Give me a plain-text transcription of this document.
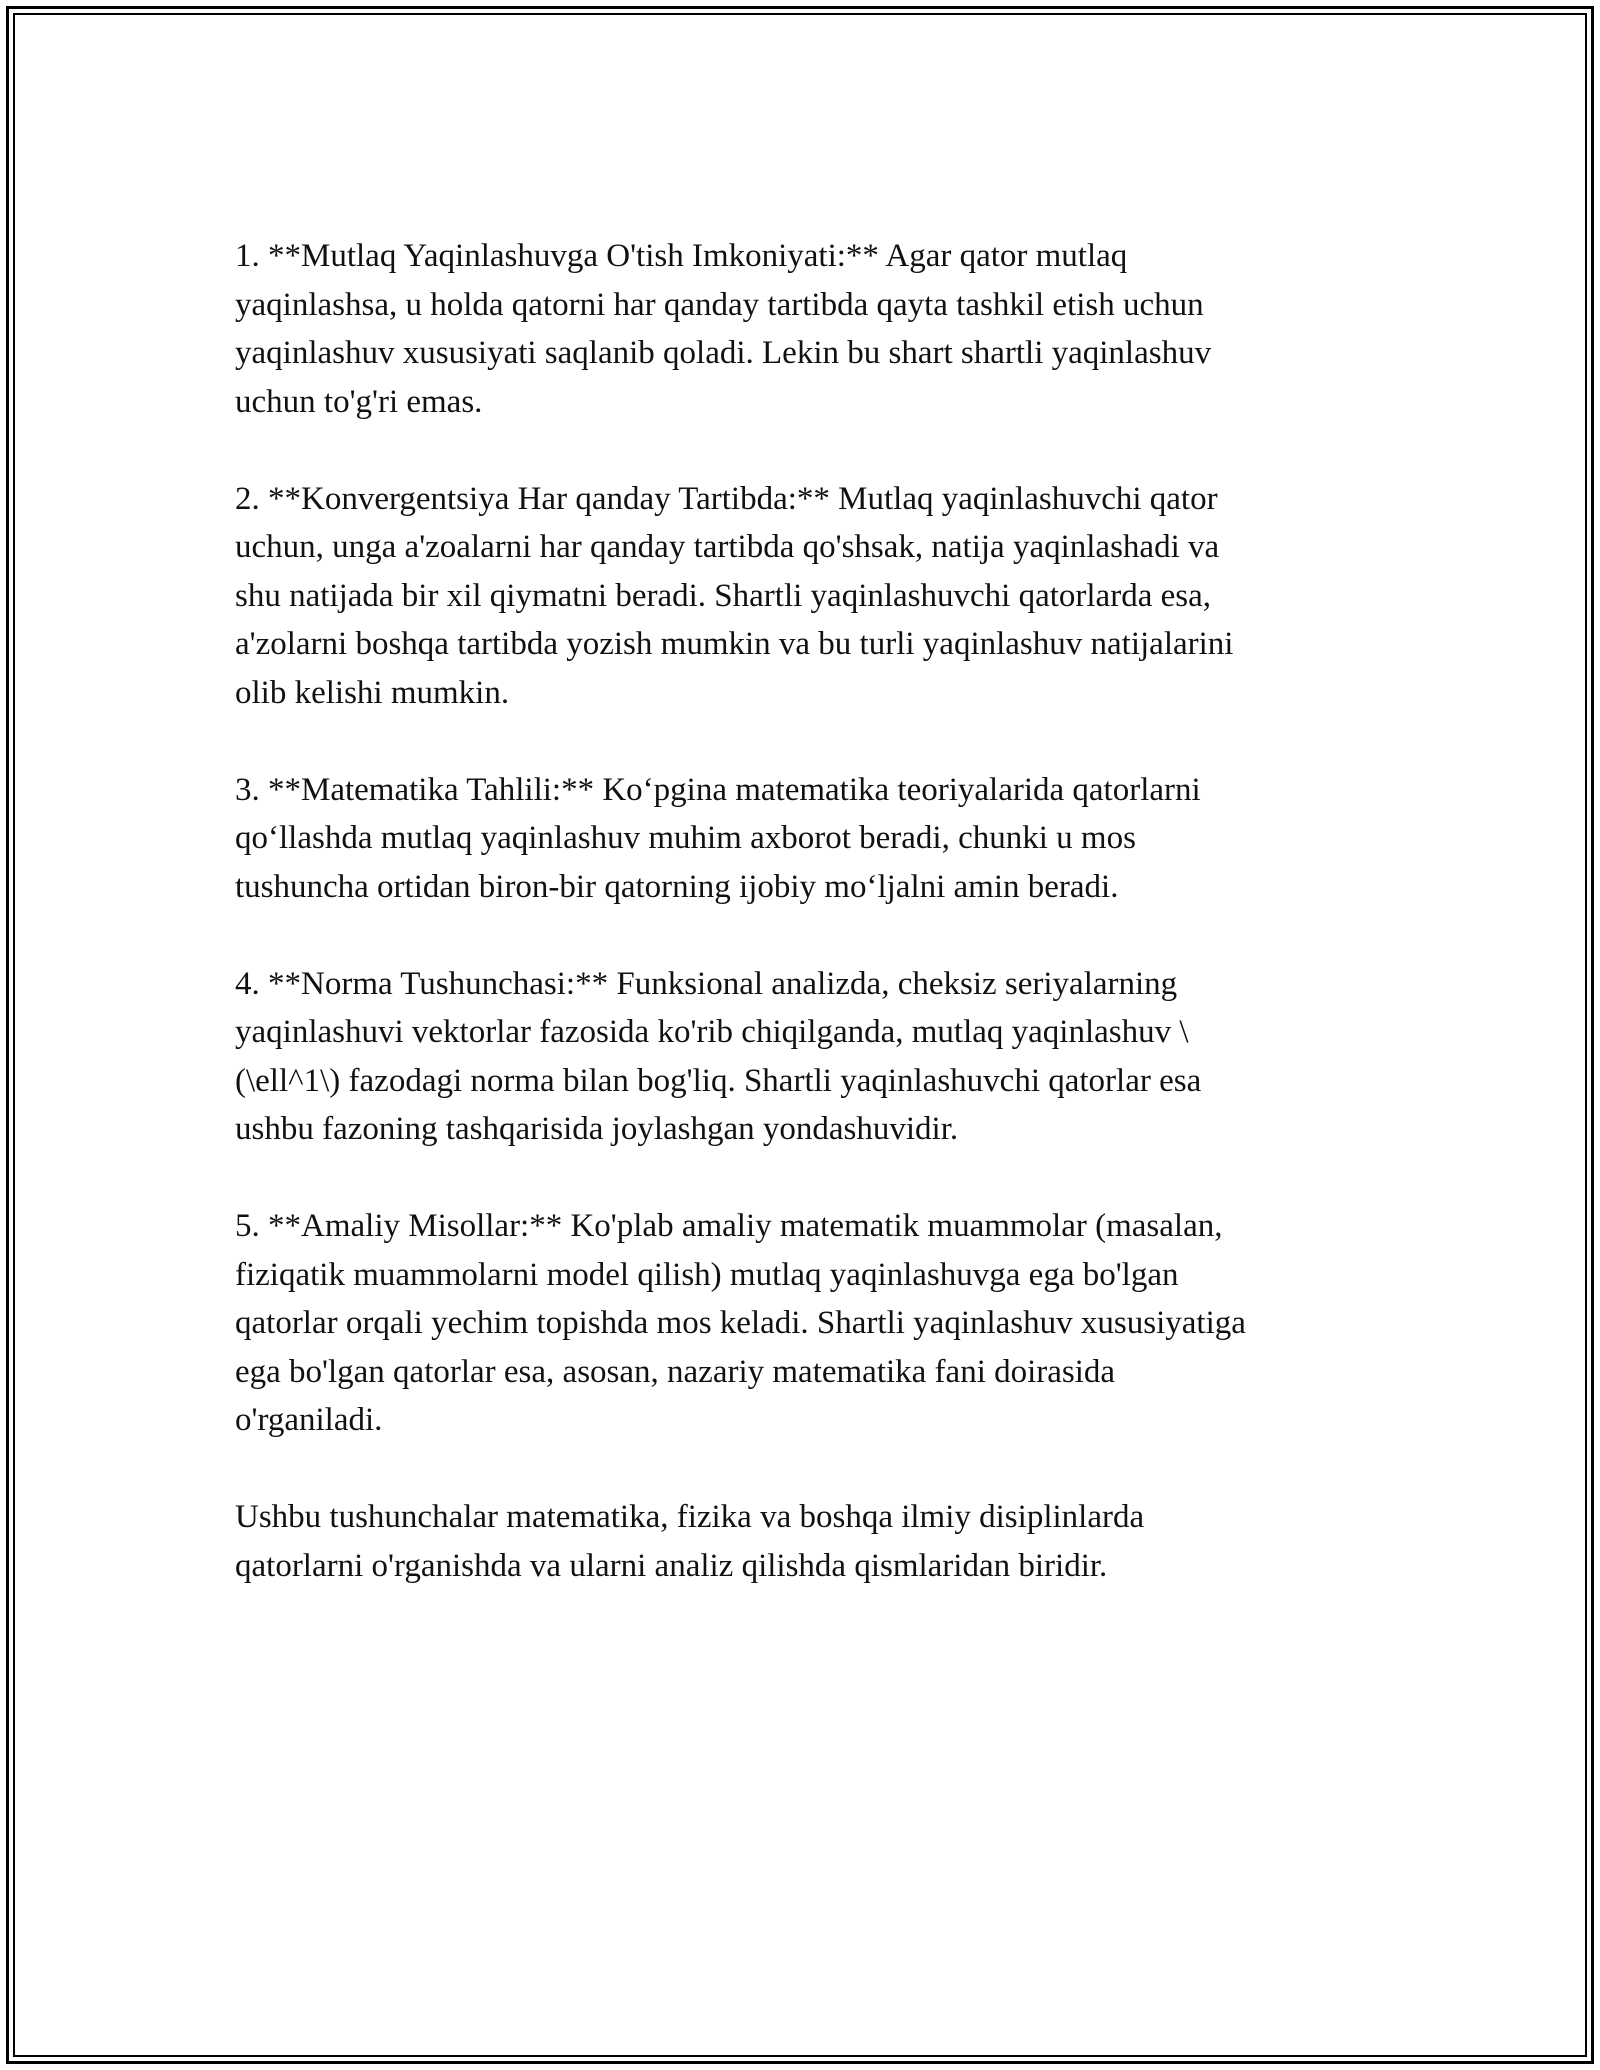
1. **Mutlaq Yaqinlashuvga O'tish Imkoniyati:** Agar qator mutlaq
yaqinlashsa, u holda qatorni har qanday tartibda qayta tashkil etish uchun
yaqinlashuv xususiyati saqlanib qoladi. Lekin bu shart shartli yaqinlashuv
uchun to'g'ri emas.

2. **Konvergentsiya Har qanday Tartibda:** Mutlaq yaqinlashuvchi qator
uchun, unga a'zoalarni har qanday tartibda qo'shsak, natija yaqinlashadi va
shu natijada bir xil qiymatni beradi. Shartli yaqinlashuvchi qatorlarda esa,
a'zolarni boshqa tartibda yozish mumkin va bu turli yaqinlashuv natijalarini
olib kelishi mumkin.

3. **Matematika Tahlili:** Ko‘pgina matematika teoriyalarida qatorlarni
qo‘llashda mutlaq yaqinlashuv muhim axborot beradi, chunki u mos
tushuncha ortidan biron-bir qatorning ijobiy mo‘ljalni amin beradi.

4. **Norma Tushunchasi:** Funksional analizda, cheksiz seriyalarning
yaqinlashuvi vektorlar fazosida ko'rib chiqilganda, mutlaq yaqinlashuv \
(\ell^1\) fazodagi norma bilan bog'liq. Shartli yaqinlashuvchi qatorlar esa
ushbu fazoning tashqarisida joylashgan yondashuvidir.

5. **Amaliy Misollar:** Ko'plab amaliy matematik muammolar (masalan,
fiziqatik muammolarni model qilish) mutlaq yaqinlashuvga ega bo'lgan
qatorlar orqali yechim topishda mos keladi. Shartli yaqinlashuv xususiyatiga
ega bo'lgan qatorlar esa, asosan, nazariy matematika fani doirasida
o'rganiladi.

Ushbu tushunchalar matematika, fizika va boshqa ilmiy disiplinlarda
qatorlarni o'rganishda va ularni analiz qilishda qismlaridan biridir.
